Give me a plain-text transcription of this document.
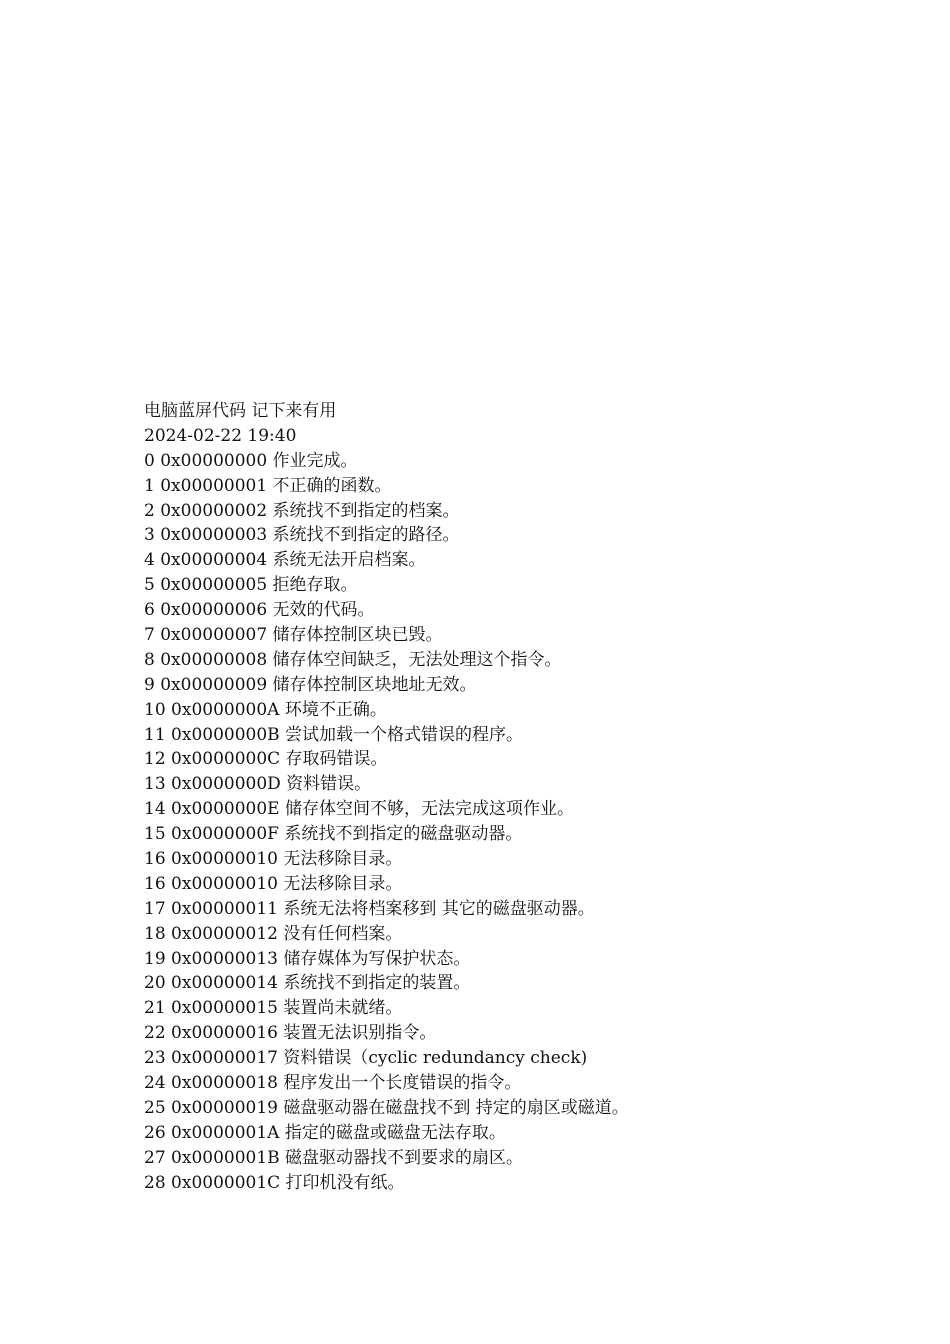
电脑蓝屏代码 记下来有用
2024-02-22 19:40
0 0x00000000 作业完成。
1 0x00000001 不正确的函数。
2 0x00000002 系统找不到指定的档案。
3 0x00000003 系统找不到指定的路径。
4 0x00000004 系统无法开启档案。
5 0x00000005 拒绝存取。
6 0x00000006 无效的代码。
7 0x00000007 储存体控制区块已毁。
8 0x00000008 储存体空间缺乏，无法处理这个指令。
9 0x00000009 储存体控制区块地址无效。
10 0x0000000A 环境不正确。
11 0x0000000B 尝试加载一个格式错误的程序。
12 0x0000000C 存取码错误。
13 0x0000000D 资料错误。
14 0x0000000E 储存体空间不够，无法完成这项作业。
15 0x0000000F 系统找不到指定的磁盘驱动器。
16 0x00000010 无法移除目录。
16 0x00000010 无法移除目录。
17 0x00000011 系统无法将档案移到 其它的磁盘驱动器。
18 0x00000012 没有任何档案。
19 0x00000013 储存媒体为写保护状态。
20 0x00000014 系统找不到指定的装置。
21 0x00000015 装置尚未就绪。
22 0x00000016 装置无法识别指令。
23 0x00000017 资料错误（cyclic redundancy check)
24 0x00000018 程序发出一个长度错误的指令。
25 0x00000019 磁盘驱动器在磁盘找不到 持定的扇区或磁道。
26 0x0000001A 指定的磁盘或磁盘无法存取。
27 0x0000001B 磁盘驱动器找不到要求的扇区。
28 0x0000001C 打印机没有纸。
